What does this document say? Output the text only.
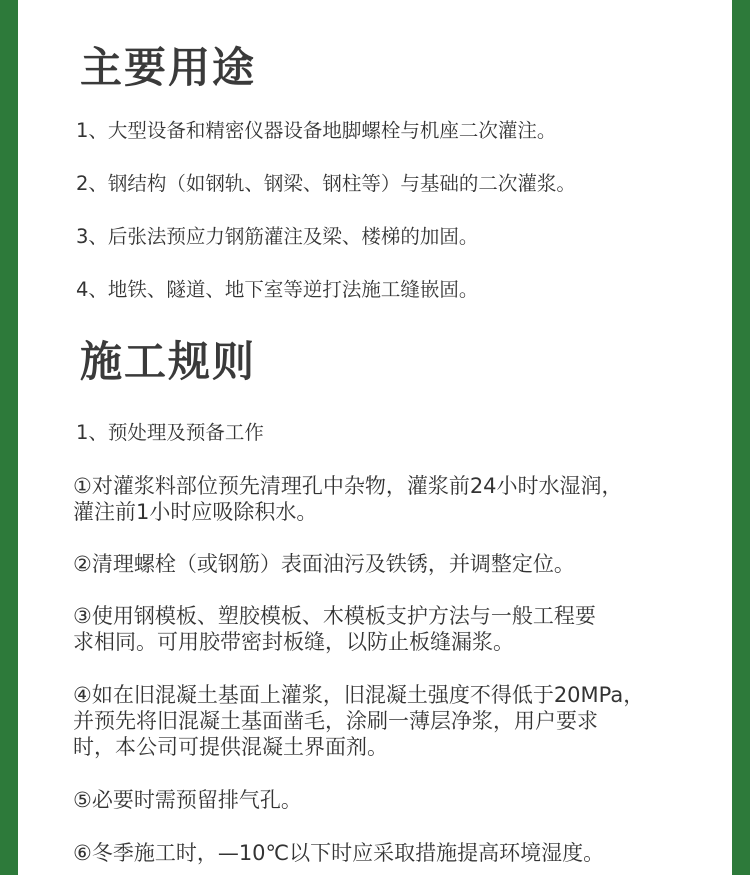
主要用途

1、大型设备和精密仪器设备地脚螺栓与机座二次灌注。

2、钢结构（如钢轨、钢梁、钢柱等）与基础的二次灌浆。

3、后张法预应力钢筋灌注及梁、楼梯的加固。

4、地铁、隧道、地下室等逆打法施工缝嵌固。

施工规则

1、预处理及预备工作

①对灌浆料部位预先清理孔中杂物，灌浆前24小时水湿润，
灌注前1小时应吸除积水。

②清理螺栓（或钢筋）表面油污及铁锈，并调整定位。

③使用钢模板、塑胶模板、木模板支护方法与一般工程要
求相同。可用胶带密封板缝，以防止板缝漏浆。

④如在旧混凝土基面上灌浆，旧混凝土强度不得低于20MPa，
并预先将旧混凝土基面凿毛，涂刷一薄层净浆，用户要求
时，本公司可提供混凝土界面剂。

⑤必要时需预留排气孔。

⑥冬季施工时，—10℃以下时应采取措施提高环境湿度。
